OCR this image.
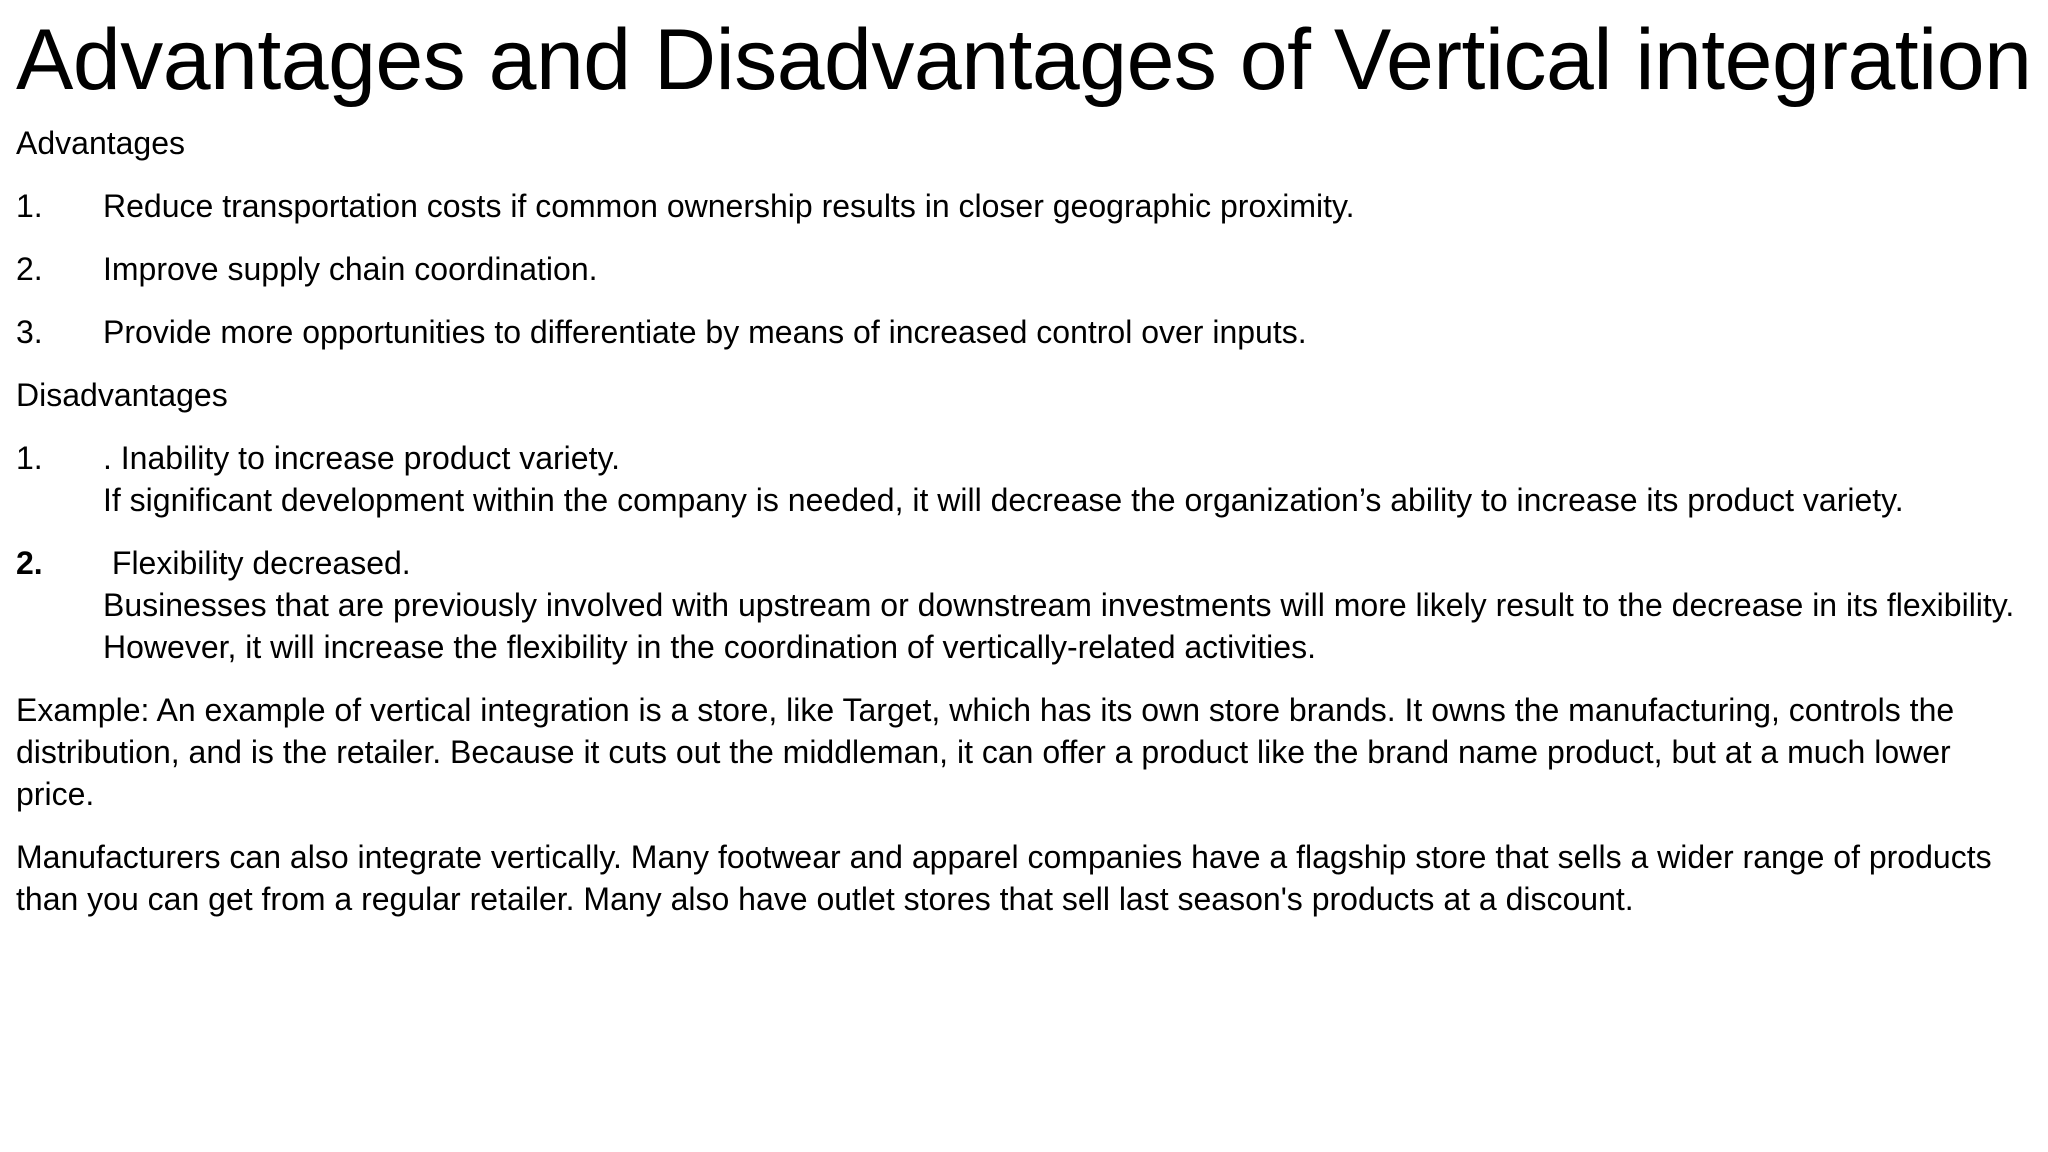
Advantages and Disadvantages of Vertical integration
Advantages
1.	Reduce transportation costs if common ownership results in closer geographic proximity.
2.	Improve supply chain coordination.
3.	Provide more opportunities to differentiate by means of increased control over inputs.
Disadvantages
1.	. Inability to increase product variety.
If significant development within the company is needed, it will decrease the organization’s ability to increase its product variety.
2.	Flexibility decreased.
Businesses that are previously involved with upstream or downstream investments will more likely result to the decrease in its flexibility. However, it will increase the flexibility in the coordination of vertically-related activities.
Example: An example of vertical integration is a store, like Target, which has its own store brands. It owns the manufacturing, controls the distribution, and is the retailer. Because it cuts out the middleman, it can offer a product like the brand name product, but at a much lower price.
Manufacturers can also integrate vertically. Many footwear and apparel companies have a flagship store that sells a wider range of products than you can get from a regular retailer. Many also have outlet stores that sell last season's products at a discount.
